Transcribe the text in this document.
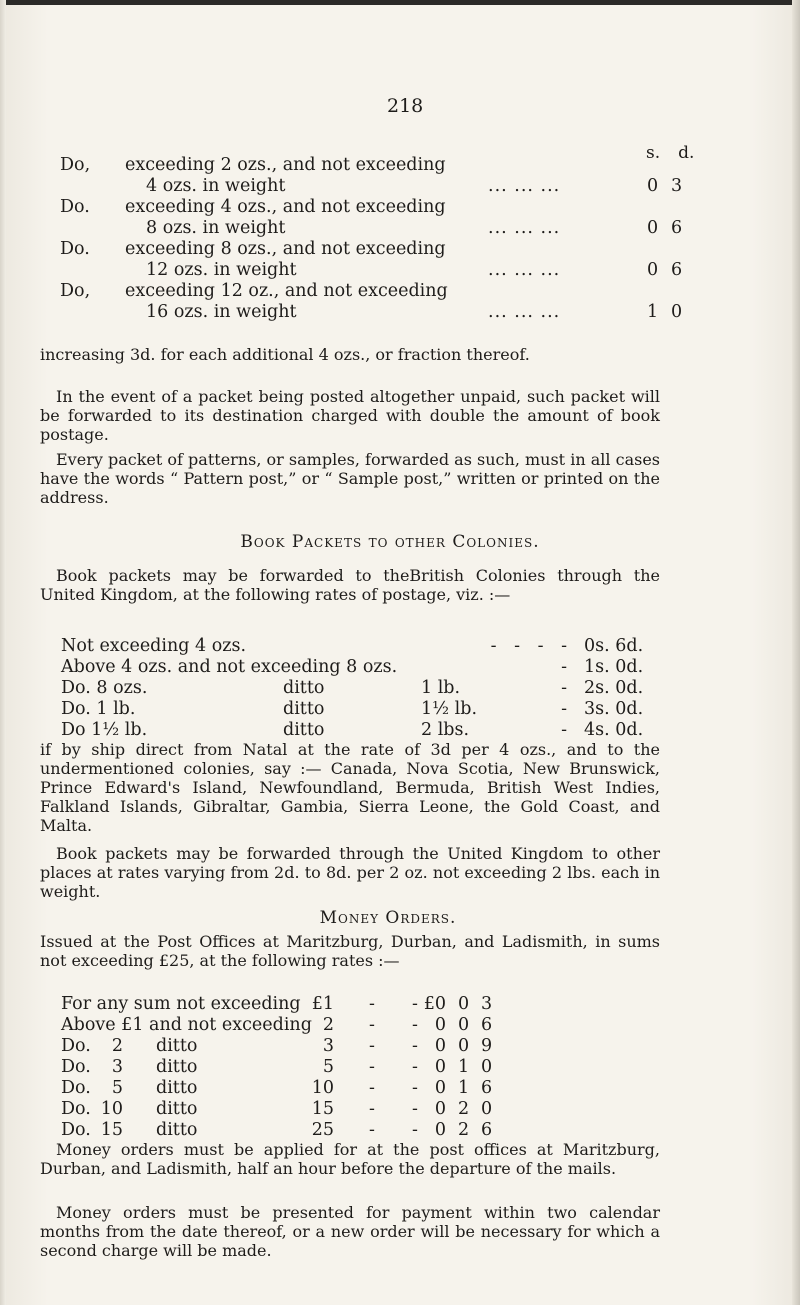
218
s. d.
Do, exceeding 2 ozs., and not exceeding
4 ozs. in weight	... ... ...	0 3
Do. exceeding 4 ozs., and not exceeding
8 ozs. in weight	... ... ...	0 6
Do. exceeding 8 ozs., and not exceeding
12 ozs. in weight	... ... ...	0 6
Do, exceeding 12 oz., and not exceeding
16 ozs. in weight	... ... ...	1 0
increasing 3d. for each additional 4 ozs., or fraction thereof.
In the event of a packet being posted altogether unpaid, such packet will be forwarded to its destination charged with double the amount of book postage.
Every packet of patterns, or samples, forwarded as such, must in all cases have the words “ Pattern post,” or “ Sample post,” written or printed on the address.
Book Packets to other Colonies.
Book packets may be forwarded to theBritish Colonies through the United Kingdom, at the following rates of postage, viz. :—
Not exceeding 4 ozs.	- - - - 0s. 6d.
Above 4 ozs. and not exceeding 8 ozs.	- 1s. 0d.
Do. 8 ozs.	ditto	1 lb.	- 2s. 0d.
Do. 1 lb.	ditto	1½ lb.	- 3s. 0d.
Do 1½ lb.	ditto	2 lbs.	- 4s. 0d.
if by ship direct from Natal at the rate of 3d per 4 ozs., and to the undermentioned colonies, say :— Canada, Nova Scotia, New Brunswick, Prince Edward's Island, Newfoundland, Bermuda, British West Indies, Falkland Islands, Gibraltar, Gambia, Sierra Leone, the Gold Coast, and Malta.
Book packets may be forwarded through the United Kingdom to other places at rates varying from 2d. to 8d. per 2 oz. not exceeding 2 lbs. each in weight.
Money Orders.
Issued at the Post Offices at Maritzburg, Durban, and Ladismith, in sums not exceeding £25, at the following rates :—
For any sum not exceeding £1 - - £0 0 3
Above £1 and not exceeding 2 - - 0 0 6
Do. 2 ditto	3 - - 0 0 9
Do. 3 ditto	5 - - 0 1 0
Do. 5 ditto	10 - - 0 1 6
Do. 10 ditto	15 - - 0 2 0
Do. 15 ditto	25 - - 0 2 6
Money orders must be applied for at the post offices at Maritzburg, Durban, and Ladismith, half an hour before the departure of the mails.
Money orders must be presented for payment within two calendar months from the date thereof, or a new order will be necessary for which a second charge will be made.
